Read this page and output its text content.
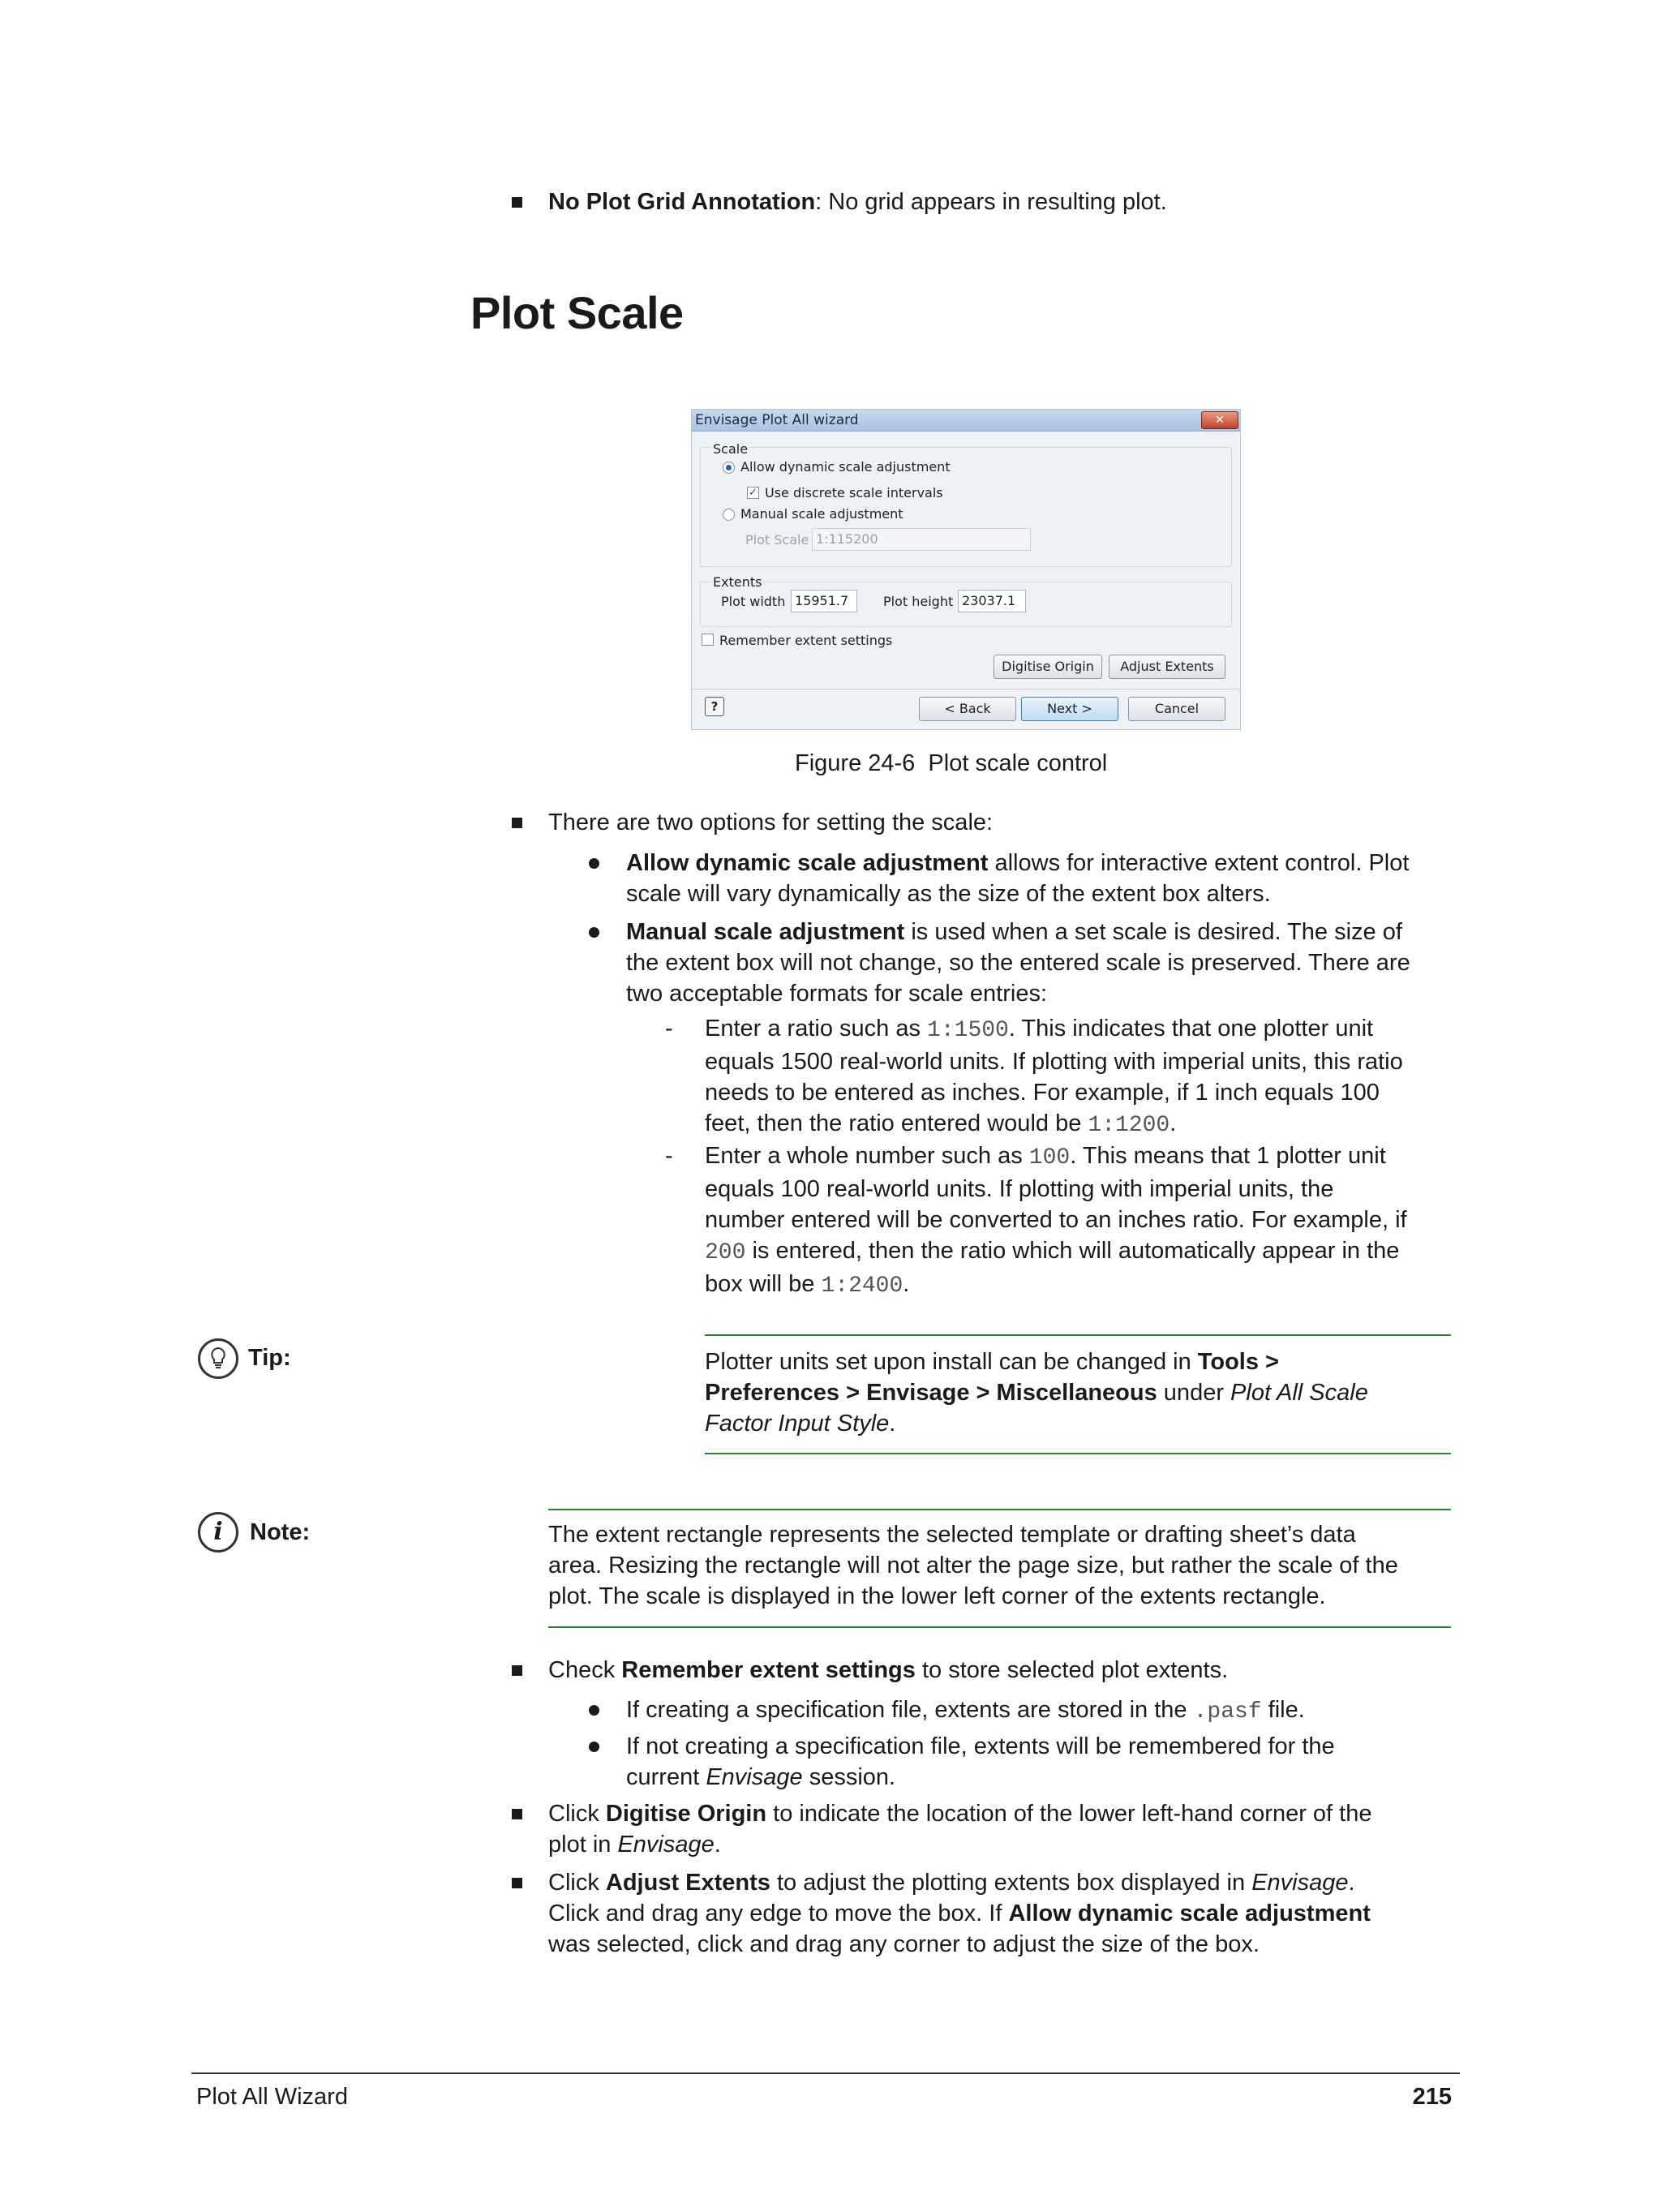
No Plot Grid Annotation: No grid appears in resulting plot.
Plot Scale
Envisage Plot All wizard	✕
Scale
Allow dynamic scale adjustment
✓ Use discrete scale intervals
Manual scale adjustment
Plot Scale 1:115200
Extents
Plot width 15951.7	Plot height 23037.1
Remember extent settings
Digitise Origin	Adjust Extents
?	< Back	Next >	Cancel
Figure 24-6  Plot scale control
There are two options for setting the scale:
Allow dynamic scale adjustment allows for interactive extent control. Plot
scale will vary dynamically as the size of the extent box alters.
Manual scale adjustment is used when a set scale is desired. The size of
the extent box will not change, so the entered scale is preserved. There are
two acceptable formats for scale entries:
- Enter a ratio such as 1:1500. This indicates that one plotter unit
equals 1500 real-world units. If plotting with imperial units, this ratio
needs to be entered as inches. For example, if 1 inch equals 100
feet, then the ratio entered would be 1:1200.
- Enter a whole number such as 100. This means that 1 plotter unit
equals 100 real-world units. If plotting with imperial units, the
number entered will be converted to an inches ratio. For example, if
200 is entered, then the ratio which will automatically appear in the
box will be 1:2400.
Tip:	Plotter units set upon install can be changed in Tools >
Preferences > Envisage > Miscellaneous under Plot All Scale
Factor Input Style.
i	Note:	The extent rectangle represents the selected template or drafting sheet’s data
area. Resizing the rectangle will not alter the page size, but rather the scale of the
plot. The scale is displayed in the lower left corner of the extents rectangle.
Check Remember extent settings to store selected plot extents.
If creating a specification file, extents are stored in the .pasf file.
If not creating a specification file, extents will be remembered for the
current Envisage session.
Click Digitise Origin to indicate the location of the lower left-hand corner of the
plot in Envisage.
Click Adjust Extents to adjust the plotting extents box displayed in Envisage.
Click and drag any edge to move the box. If Allow dynamic scale adjustment
was selected, click and drag any corner to adjust the size of the box.
Plot All Wizard	215
